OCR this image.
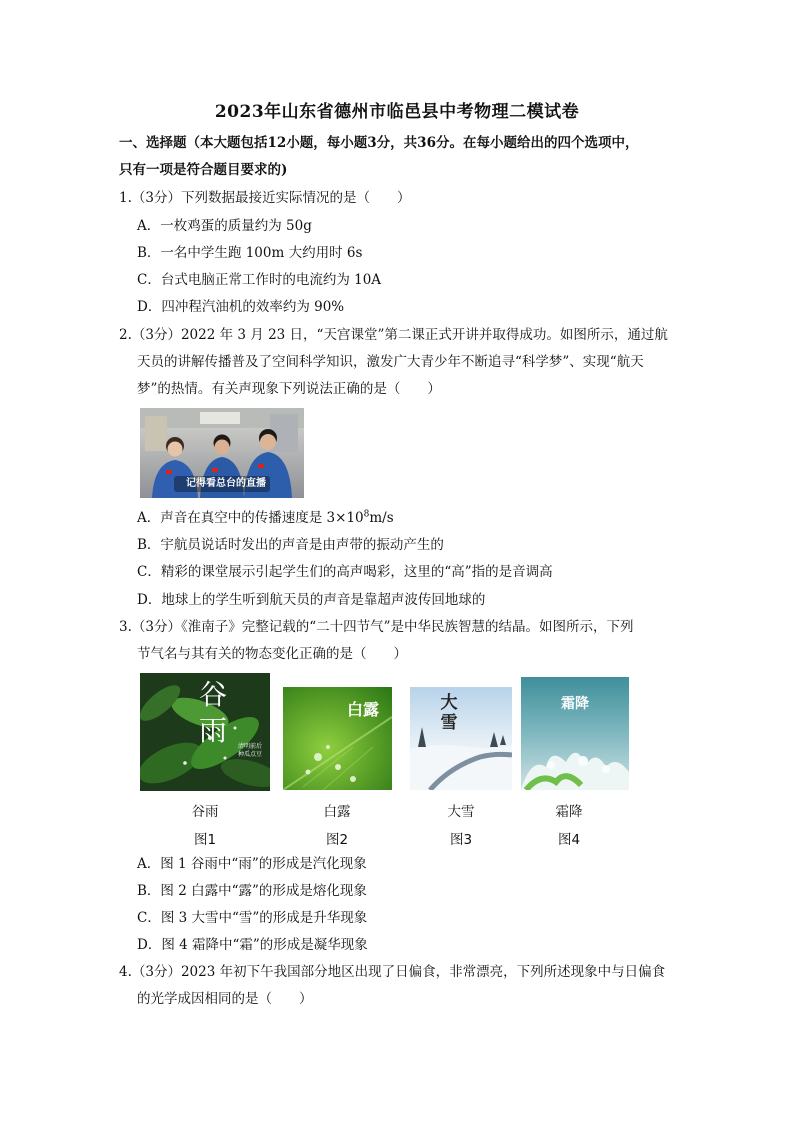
2023年山东省德州市临邑县中考物理二模试卷
一、选择题（本大题包括12小题，每小题3分，共36分。在每小题给出的四个选项中，
只有一项是符合题目要求的)
1.（3分）下列数据最接近实际情况的是（　　）
A．一枚鸡蛋的质量约为 50g
B．一名中学生跑 100m 大约用时 6s
C．台式电脑正常工作时的电流约为 10A
D．四冲程汽油机的效率约为 90%
2.（3分）2022 年 3 月 23 日，“天宫课堂”第二课正式开讲并取得成功。如图所示，通过航
天员的讲解传播普及了空间科学知识，激发广大青少年不断追寻“科学梦”、实现“航天
梦”的热情。有关声现象下列说法正确的是（　　）
记得看总台的直播
A．声音在真空中的传播速度是 $3\times 10^8m/s$
B．宇航员说话时发出的声音是由声带的振动产生的
C．精彩的课堂展示引起学生们的高声喝彩，这里的“高”指的是音调高
D．地球上的学生听到航天员的声音是靠超声波传回地球的
3.（3分）《淮南子》完整记载的“二十四节气”是中华民族智慧的结晶。如图所示，下列
节气名与其有关的物态变化正确的是（　　）
谷雨 清明前后 种瓜点豆
白露	大雪
霜降
谷雨	白露	大雪	霜降
图1	图2	图3	图4
A．图 1 谷雨中“雨”的形成是汽化现象
B．图 2 白露中“露”的形成是熔化现象
C．图 3 大雪中“雪”的形成是升华现象
D．图 4 霜降中“霜”的形成是凝华现象
4.（3分）2023 年初下午我国部分地区出现了日偏食，非常漂亮，下列所述现象中与日偏食
的光学成因相同的是（　　）
